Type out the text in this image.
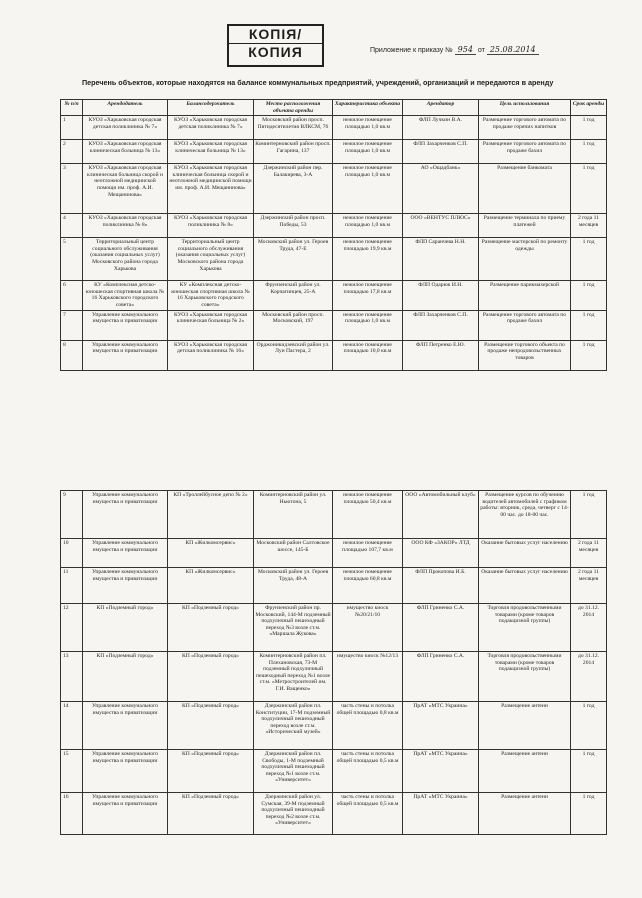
КОПІЯ/
КОПИЯ	Приложение к приказу № 954 от 25.08.2014
Перечень объектов, которые находятся на балансе коммунальных предприятий, учреждений, организаций и передаются в аренду
№ п/п	Арендодатель	Балансодержатель	Место расположения объекта аренды	Характеристика объекта	Арендатор	Цель использования	Срок аренды
1	КУОЗ «Харьковская городская детская поликлиника № 7»	КУОЗ «Харьковская городская детская поликлиника № 7»	Московский район просп. Пятидесятилетия ВЛКСМ, 76	нежилое помещение площадью 1,0 кв.м	ФЛП Лучкин В.А.	Размещение торгового автомата по продаже горячих напитков	1 год
2	КУОЗ «Харьковская городская клиническая больница № 13»	КУОЗ «Харьковская городская клиническая больница № 13»	Коминтерновский район просп. Гагарина, 137	нежилое помещение площадью 1,0 кв.м	ФЛП Захарченков С.П.	Размещение торгового автомата по продаже бахил	1 год
3	КУОЗ «Харьковская городская клиническая больница скорой и неотложной медицинской помощи им. проф. А.И. Мещанинова»	КУОЗ «Харьковская городская клиническая больница скорой и неотложной медицинской помощи им. проф. А.И. Мещанинова»	Дзержинский район пер. Балакирева, 3-А	нежилое помещение площадью 1,0 кв.м	АО «Ощадбанк»	Размещение банкомата	1 год
4	КУОЗ «Харьковская городская поликлиника № 8»	КУОЗ «Харьковская городская поликлиника № 8»	Дзержинский район просп. Победы, 53	нежилое помещение площадью 1,0 кв.м	ООО «ВЕНТУС ПЛЮС»	Размещение терминала по приему платежей	2 года 11 месяцев
5	Территориальный центр социального обслуживания (оказания социальных услуг) Московского района города Харькова	Территориальный центр социального обслуживания (оказания социальных услуг) Московского района города Харькова	Московский район ул. Героев Труда, 47-Е	нежилое помещение площадью 19,9 кв.м	ФЛП Саранчева Н.Н.	Размещение мастерской по ремонту одежды	1 год
6	КУ «Комплексная детско-юношеская спортивная школа № 16 Харьковского городского совета»	КУ «Комплексная детско-юношеская спортивная школа № 16 Харьковского городского совета»	Фрунзенский район ул. Корчагинцев, 25-А	нежилое помещение площадью 17,8 кв.м	ФЛП Одарюк И.Н.	Размещение парикмахерской	1 год
7	Управление коммунального имущества и приватизации	КУОЗ «Харьковская городская клиническая больница № 2»	Московский район просп. Московский, 197	нежилое помещение площадью 1,0 кв.м	ФЛП Захарченков С.П.	Размещение торгового автомата по продаже бахил	1 год
8	Управление коммунального имущества и приватизации	КУОЗ «Харьковская городская детская поликлиника № 16»	Орджоникидзевский район ул. Луи Пастера, 2	нежилое помещение площадью 10,0 кв.м	ФЛП Петренко Е.Ю.	Размещение торгового объекта по продаже непродовольственных товаров	1 год
9	Управление коммунального имущества и приватизации	КП «Троллейбусное депо № 2»	Коминтерновский район ул. Ньютона, 5	нежилое помещение площадью 50,4 кв.м	ООО «Автомобильный клуб»	Размещение курсов по обучению водителей автомобилей с графиком работы: вторник, среда, четверг с 14-00 час. до 18-00 час.	1 год
10	Управление коммунального имущества и приватизации	КП «Жилкомсервис»	Московский район Салтовское шоссе, 145-Б	нежилое помещение площадью 107,7 кв.м	ООО КФ «ЗАКОР» ЛТД	Оказание бытовых услуг населению	2 года 11 месяцев
11	Управление коммунального имущества и приватизации	КП «Жилкомсервис»	Московский район ул. Героев Труда, 48-А	нежилое помещение площадью 60,8 кв.м	ФЛП Прокопова И.Б.	Оказание бытовых услуг населению	2 года 11 месяцев
12	КП «Подземный город»	КП «Подземный город»	Фрунзенский район пр. Московский, 144-М подземный подхуличный пешеходный переход №3 возле ст.м. «Маршала Жукова»	имущество киоск №20/21/10	ФЛП Гриненко С.А.	Торговля продовольственными товарами (кроме товаров подакцизной группы)	до 31.12. 2014
13	КП «Подземный город»	КП «Подземный город»	Коминтерновский район пл. Плехановская, 73-М подземный подхуличный пешеходный переход №1 возле ст.м. «Метростроителей им. Г.И. Ващенко»	имущество киоск №12/13	ФЛП Гриненко С.А.	Торговля продовольственными товарами (кроме товаров подакцизной группы)	до 31.12. 2014
14	Управление коммунального имущества и приватизации	КП «Подземный город»	Дзержинский район пл. Конституции, 17-М подземный подхуличный пешеходный переход возле ст.м. «Исторический музей»	часть стены и потолка общей площадью 0,8 кв.м	ПрАТ «МТС Украина»	Размещение антенн	1 год
15	Управление коммунального имущества и приватизации	КП «Подземный город»	Дзержинский район пл. Свободы, 1-М подземный подхуличный пешеходный переход №1 возле ст.м. «Университет»	часть стены и потолка общей площадью 0,5 кв.м	ПрАТ «МТС Украина»	Размещение антенн	1 год
16	Управление коммунального имущества и приватизации	КП «Подземный город»	Дзержинский район ул. Сумская, 39-М подземный подхуличный пешеходный переход №2 возле ст.м. «Университет»	часть стены и потолка общей площадью 0,5 кв.м	ПрАТ «МТС Украина»	Размещение антенн	1 год
